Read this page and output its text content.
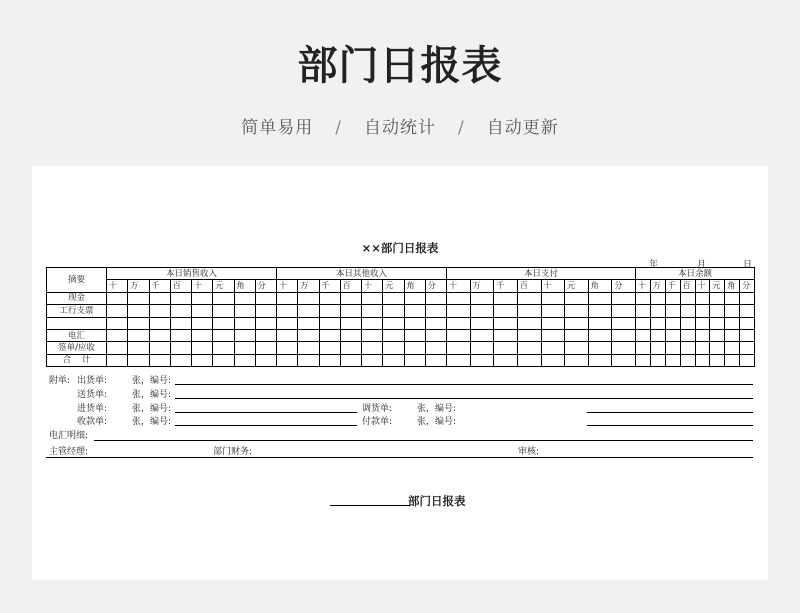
部门日报表
简单易用 / 自动统计 / 自动更新
××部门日报表
年	月	日
摘要	本日销售收入								本日其他收入								本日支付								本日余额							
	十	万	千	百	十	元	角	分	十	万	千	百	十	元	角	分	十	万	千	百	十	元	角	分	十	万	千	百	十	元	角	分
现金																																
工行支票																																

电汇																																
签单/应收																																
合    计																																
附单: 出货单:	张，编号:
送货单:	张，编号:
进货单:	张，编号:	调货单:	张，编号:
收款单:	张，编号:	付款单:	张，编号:
电汇明细:
主管经理:	部门财务:	审核:
部门日报表
